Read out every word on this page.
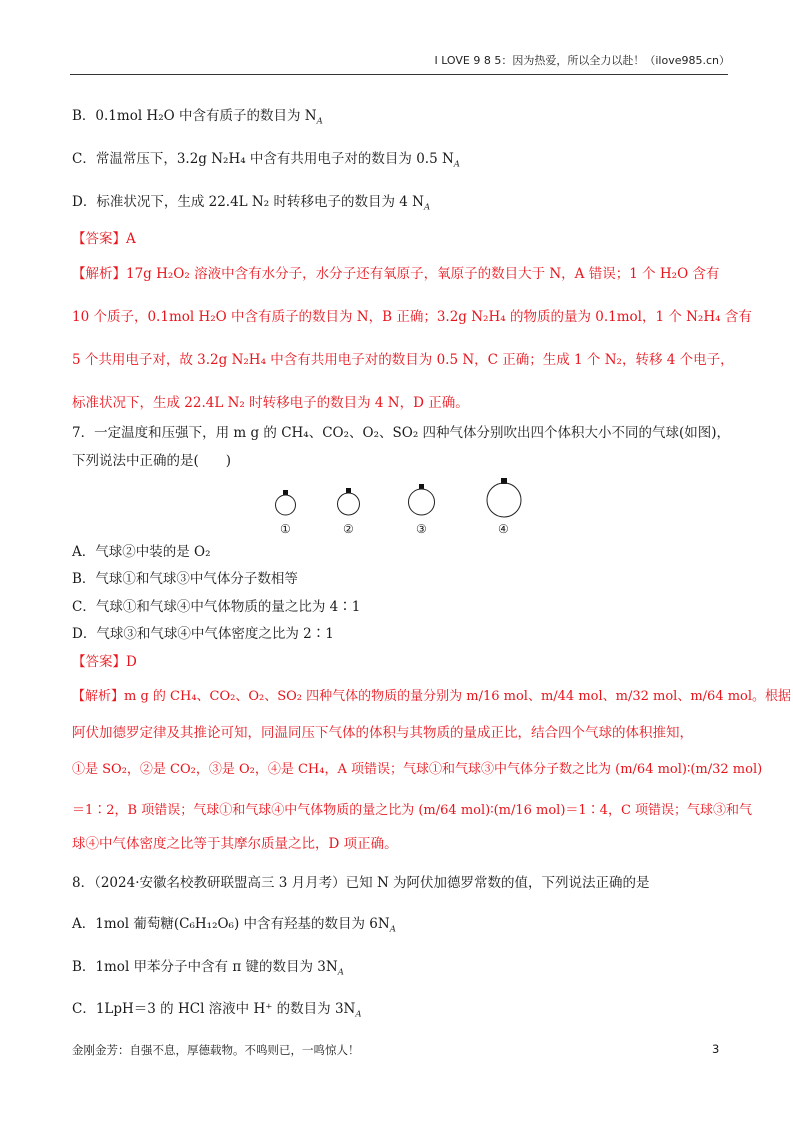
I LOVE 9 8 5：因为热爱，所以全力以赴！（ilove985.cn）
B．0.1mol H₂O 中含有质子的数目为 $N_A$
C．常温常压下，3.2g N₂H₄ 中含有共用电子对的数目为 0.5 $N_A$
D．标准状况下，生成 22.4L N₂ 时转移电子的数目为 4 $N_A$
【答案】A
【解析】17g H₂O₂ 溶液中含有水分子，水分子还有氧原子，氧原子的数目大于 N，A 错误；1 个 H₂O 含有
10 个质子，0.1mol H₂O 中含有质子的数目为 N，B 正确；3.2g N₂H₄ 的物质的量为 0.1mol，1 个 N₂H₄ 含有
5 个共用电子对，故 3.2g N₂H₄ 中含有共用电子对的数目为 0.5 N，C 正确；生成 1 个 N₂，转移 4 个电子，
标准状况下，生成 22.4L N₂ 时转移电子的数目为 4 N，D 正确。
7．一定温度和压强下，用 m g 的 CH₄、CO₂、O₂、SO₂ 四种气体分别吹出四个体积大小不同的气球(如图)，
下列说法中正确的是(　　)
①	②	③	④
A．气球②中装的是 O₂
B．气球①和气球③中气体分子数相等
C．气球①和气球④中气体物质的量之比为 4∶1
D．气球③和气球④中气体密度之比为 2∶1
【答案】D
【解析】m g 的 CH₄、CO₂、O₂、SO₂ 四种气体的物质的量分别为 m/16 mol、m/44 mol、m/32 mol、m/64 mol。根据
阿伏加德罗定律及其推论可知，同温同压下气体的体积与其物质的量成正比，结合四个气球的体积推知，
①是 SO₂，②是 CO₂，③是 O₂，④是 CH₄，A 项错误；气球①和气球③中气体分子数之比为 (m/64 mol)∶(m/32 mol)
＝1∶2，B 项错误；气球①和气球④中气体物质的量之比为 (m/64 mol)∶(m/16 mol)＝1∶4，C 项错误；气球③和气
球④中气体密度之比等于其摩尔质量之比，D 项正确。
8．（2024·安徽名校教研联盟高三 3 月月考）已知 N 为阿伏加德罗常数的值，下列说法正确的是
A．1mol 葡萄糖(C₆H₁₂O₆) 中含有羟基的数目为 $6N_A$
B．1mol 甲苯分子中含有 π 键的数目为 $3N_A$
C．1LpH＝3 的 HCl 溶液中 H⁺ 的数目为 $3N_A$
金刚金芳：自强不息，厚德载物。不鸣则已，一鸣惊人！	3
